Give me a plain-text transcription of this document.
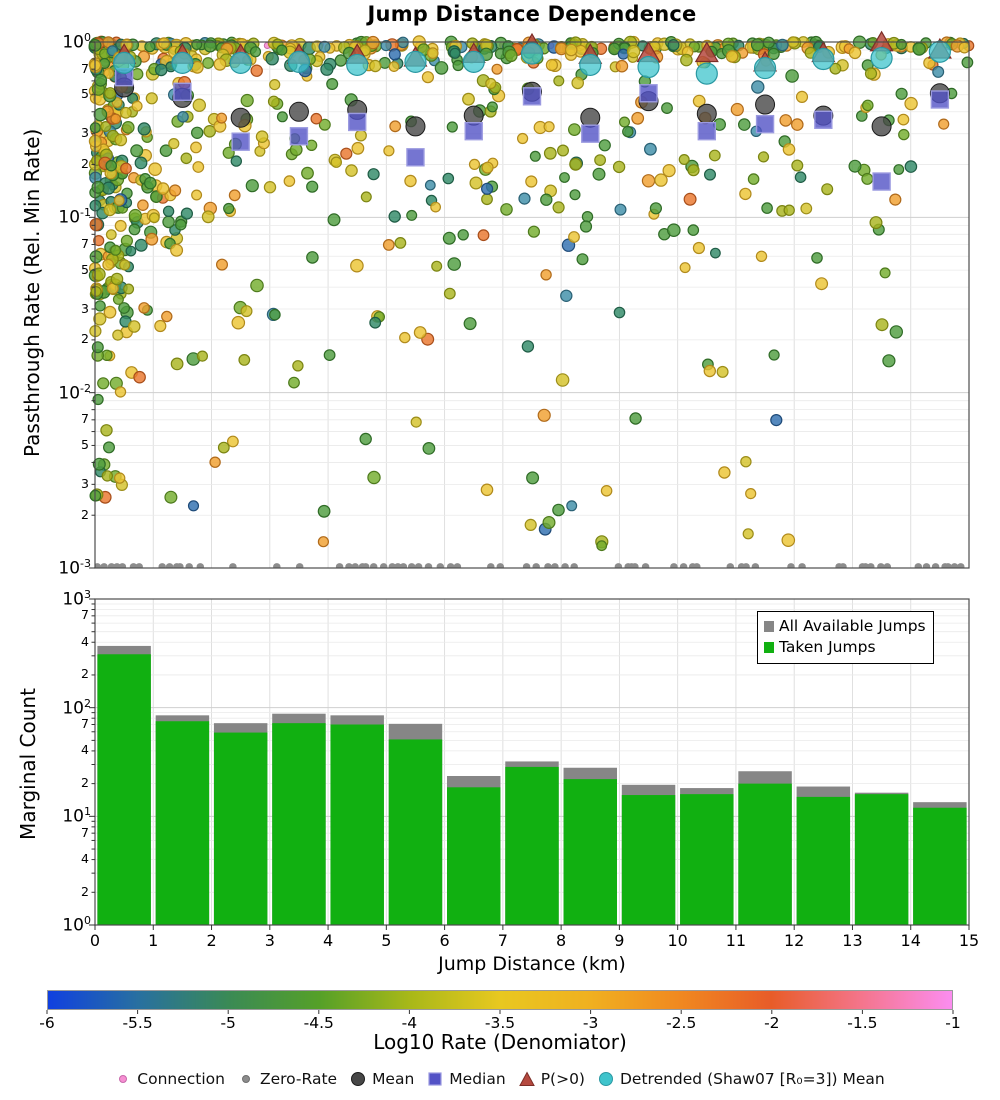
Jump Distance Dependence
Passthrough Rate (Rel. Min Rate)
Marginal Count
Jump Distance (km)
$10^0$
$10^{-1}$
$10^{-2}$
$10^{-3}$
7
5
3
2
7
5
3
2
7
5
3
2
$10^3$
$10^2$
$10^1$
$10^0$
7
4
2
7
4
2
7
4
2
0	1	2	3	4	5	6	7	8	9	10	11	12	13	14	15
-6	-5.5	-5	-4.5	-4	-3.5	-3	-2.5	-2	-1.5	-1
All Available Jumps
Taken Jumps
Log10 Rate (Denomiator)
Connection Zero-Rate Mean Median P(>0) Detrended (Shaw07 [R₀=3]) Mean
